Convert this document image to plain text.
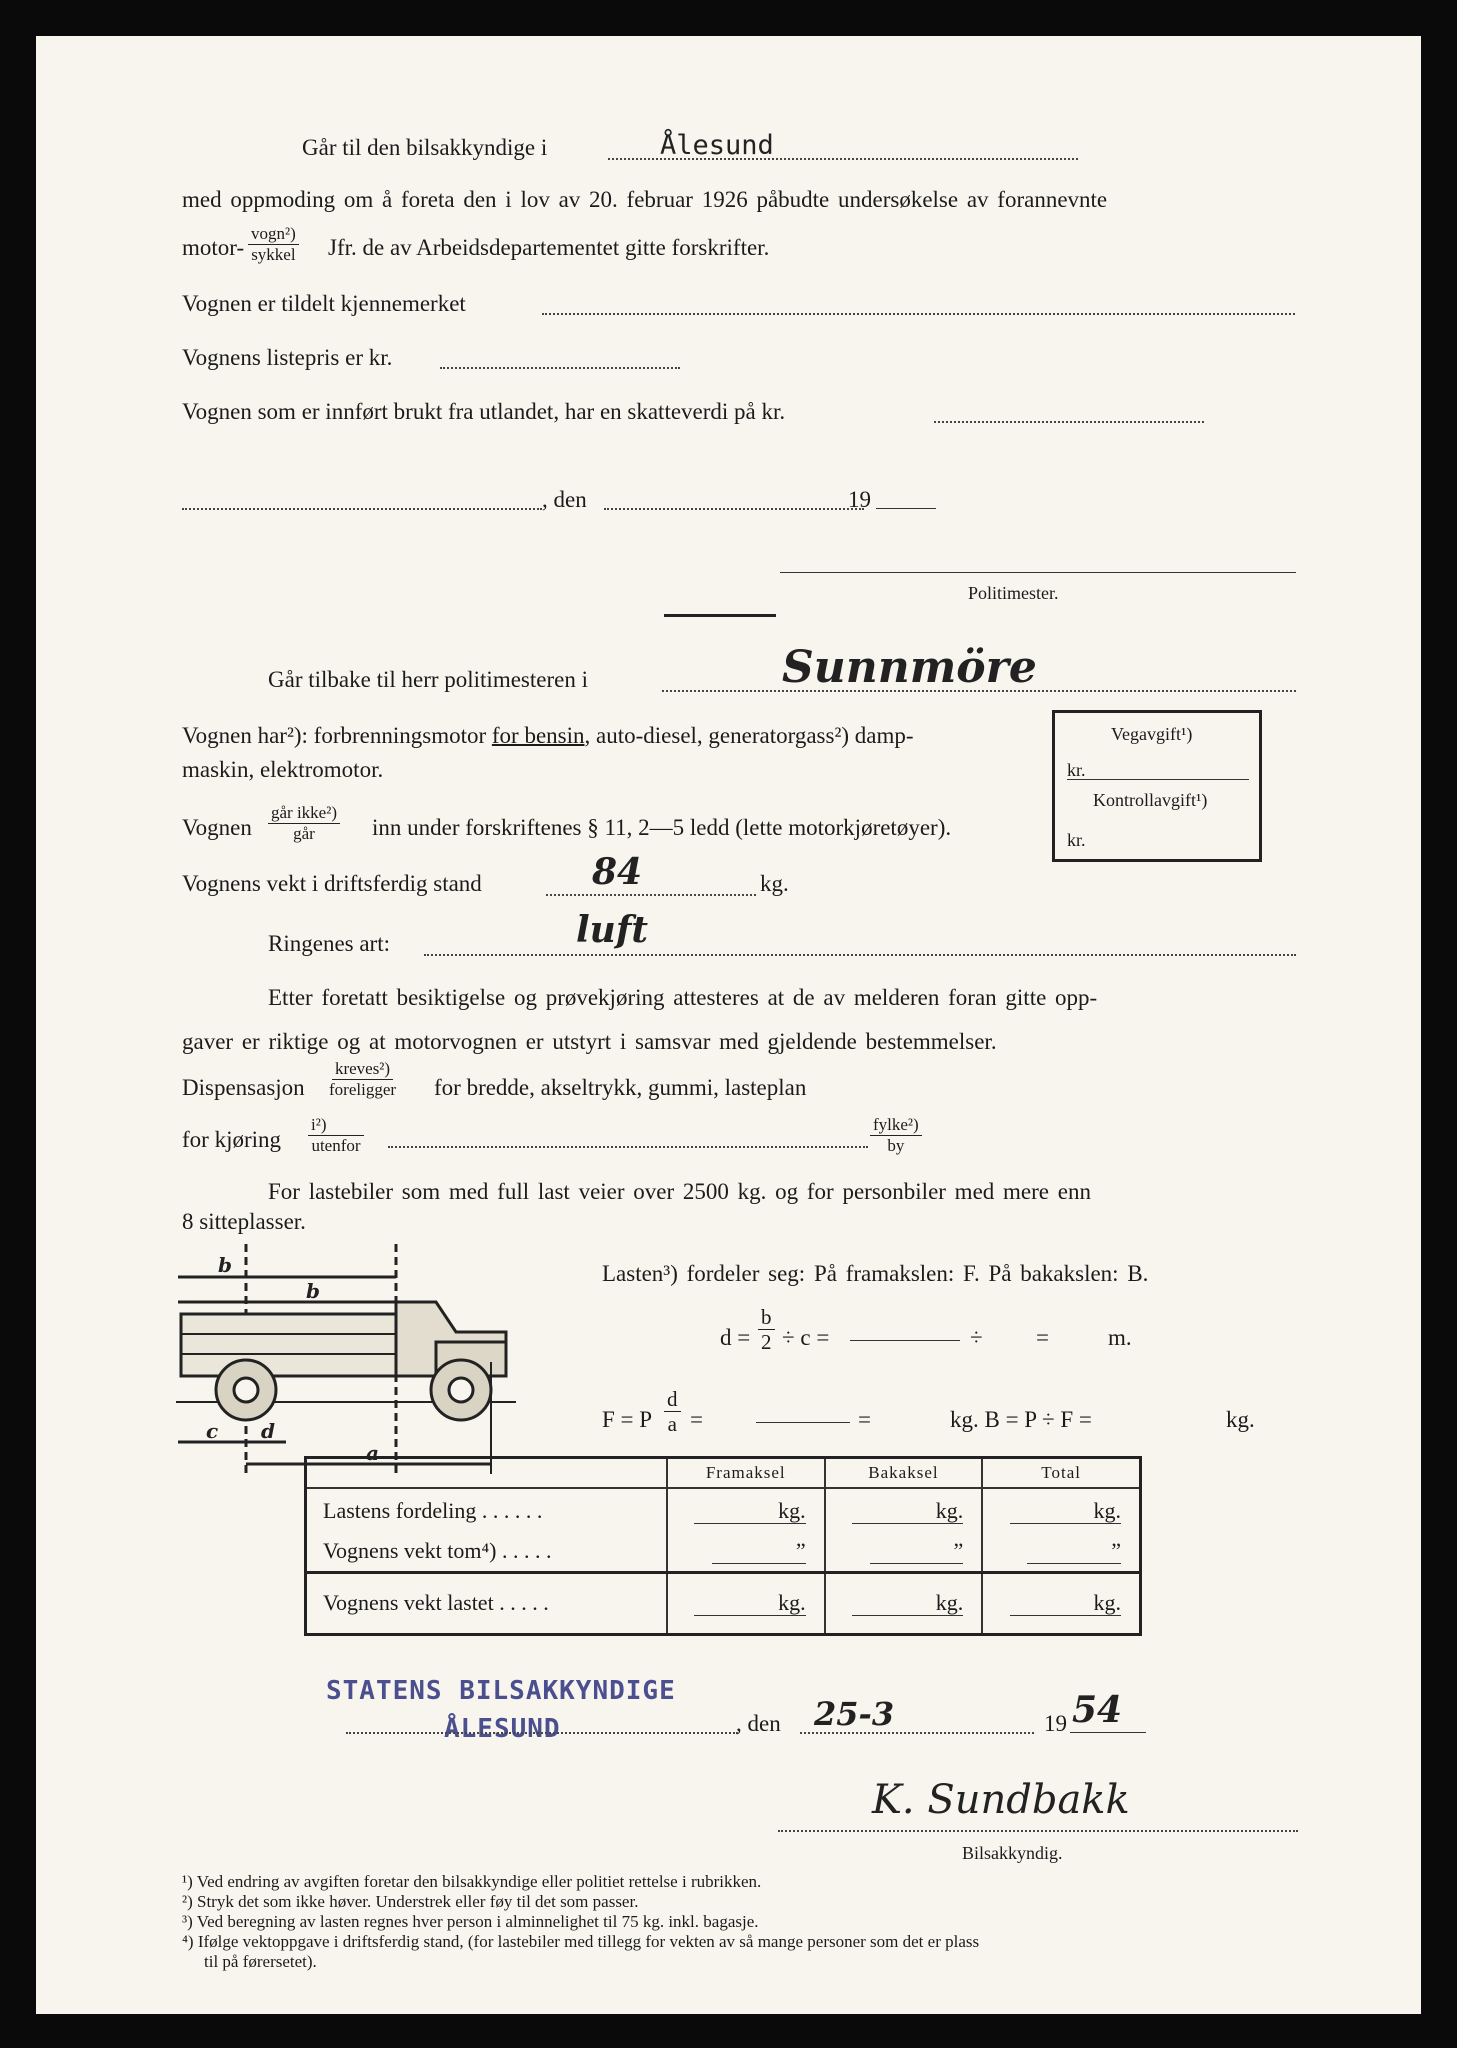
Går til den bilsakkyndige i	Ålesund
med oppmoding om å foreta den i lov av 20. februar 1926 påbudte undersøkelse av forannevnte
motor-
vogn²)
sykkel Jfr. de av Arbeidsdepartementet gitte forskrifter.
Vognen er tildelt kjennemerket
Vognens listepris er kr.
Vognen som er innført brukt fra utlandet, har en skatteverdi på kr.
, den	19
Politimester.
Går tilbake til herr politimesteren i	Sunnmöre
Vognen har²): forbrenningsmotor for bensin, auto-diesel, generatorgass²) damp-
maskin, elektromotor.
Vognen
går ikke²)
går inn under forskriftenes § 11, 2—5 ledd (lette motorkjøretøyer).
Vognens vekt i driftsferdig stand	84	kg.
Ringenes art:	luft
Vegavgift¹)
kr.
Kontrollavgift¹)
kr.
Etter foretatt besiktigelse og prøvekjøring attesteres at de av melderen foran gitte opp-
gaver er riktige og at motorvognen er utstyrt i samsvar med gjeldende bestemmelser.
Dispensasjon
kreves²)
foreligger for bredde, akseltrykk, gummi, lasteplan
for kjøring
i²)
utenfor
fylke²)
by
For lastebiler som med full last veier over 2500 kg. og for personbiler med mere enn
8 sitteplasser.
b
b
c d
a
Lasten³) fordeler seg: På framakslen: F. På bakakslen: B.
$d = \frac{b}{2} \div c$ =	÷ =	m.
F = P $\frac{d}{a}$ =	=	kg. B = P ÷ F =	kg.
	Framaksel	Bakaksel	Total
Lastens fordeling . . . . . .	kg.	kg.	kg.
Vognens vekt tom⁴) . . . . .	”	”	”
Vognens vekt lastet . . . . .	kg.	kg.	kg.
STATENS BILSAKKYNDIGE
ÅLESUND	, den 25-3	19 54
K. Sundbakk
Bilsakkyndig.
¹) Ved endring av avgiften foretar den bilsakkyndige eller politiet rettelse i rubrikken.
²) Stryk det som ikke høver. Understrek eller føy til det som passer.
³) Ved beregning av lasten regnes hver person i alminnelighet til 75 kg. inkl. bagasje.
⁴) Ifølge vektoppgave i driftsferdig stand, (for lastebiler med tillegg for vekten av så mange personer som det er plass
til på førersetet).
